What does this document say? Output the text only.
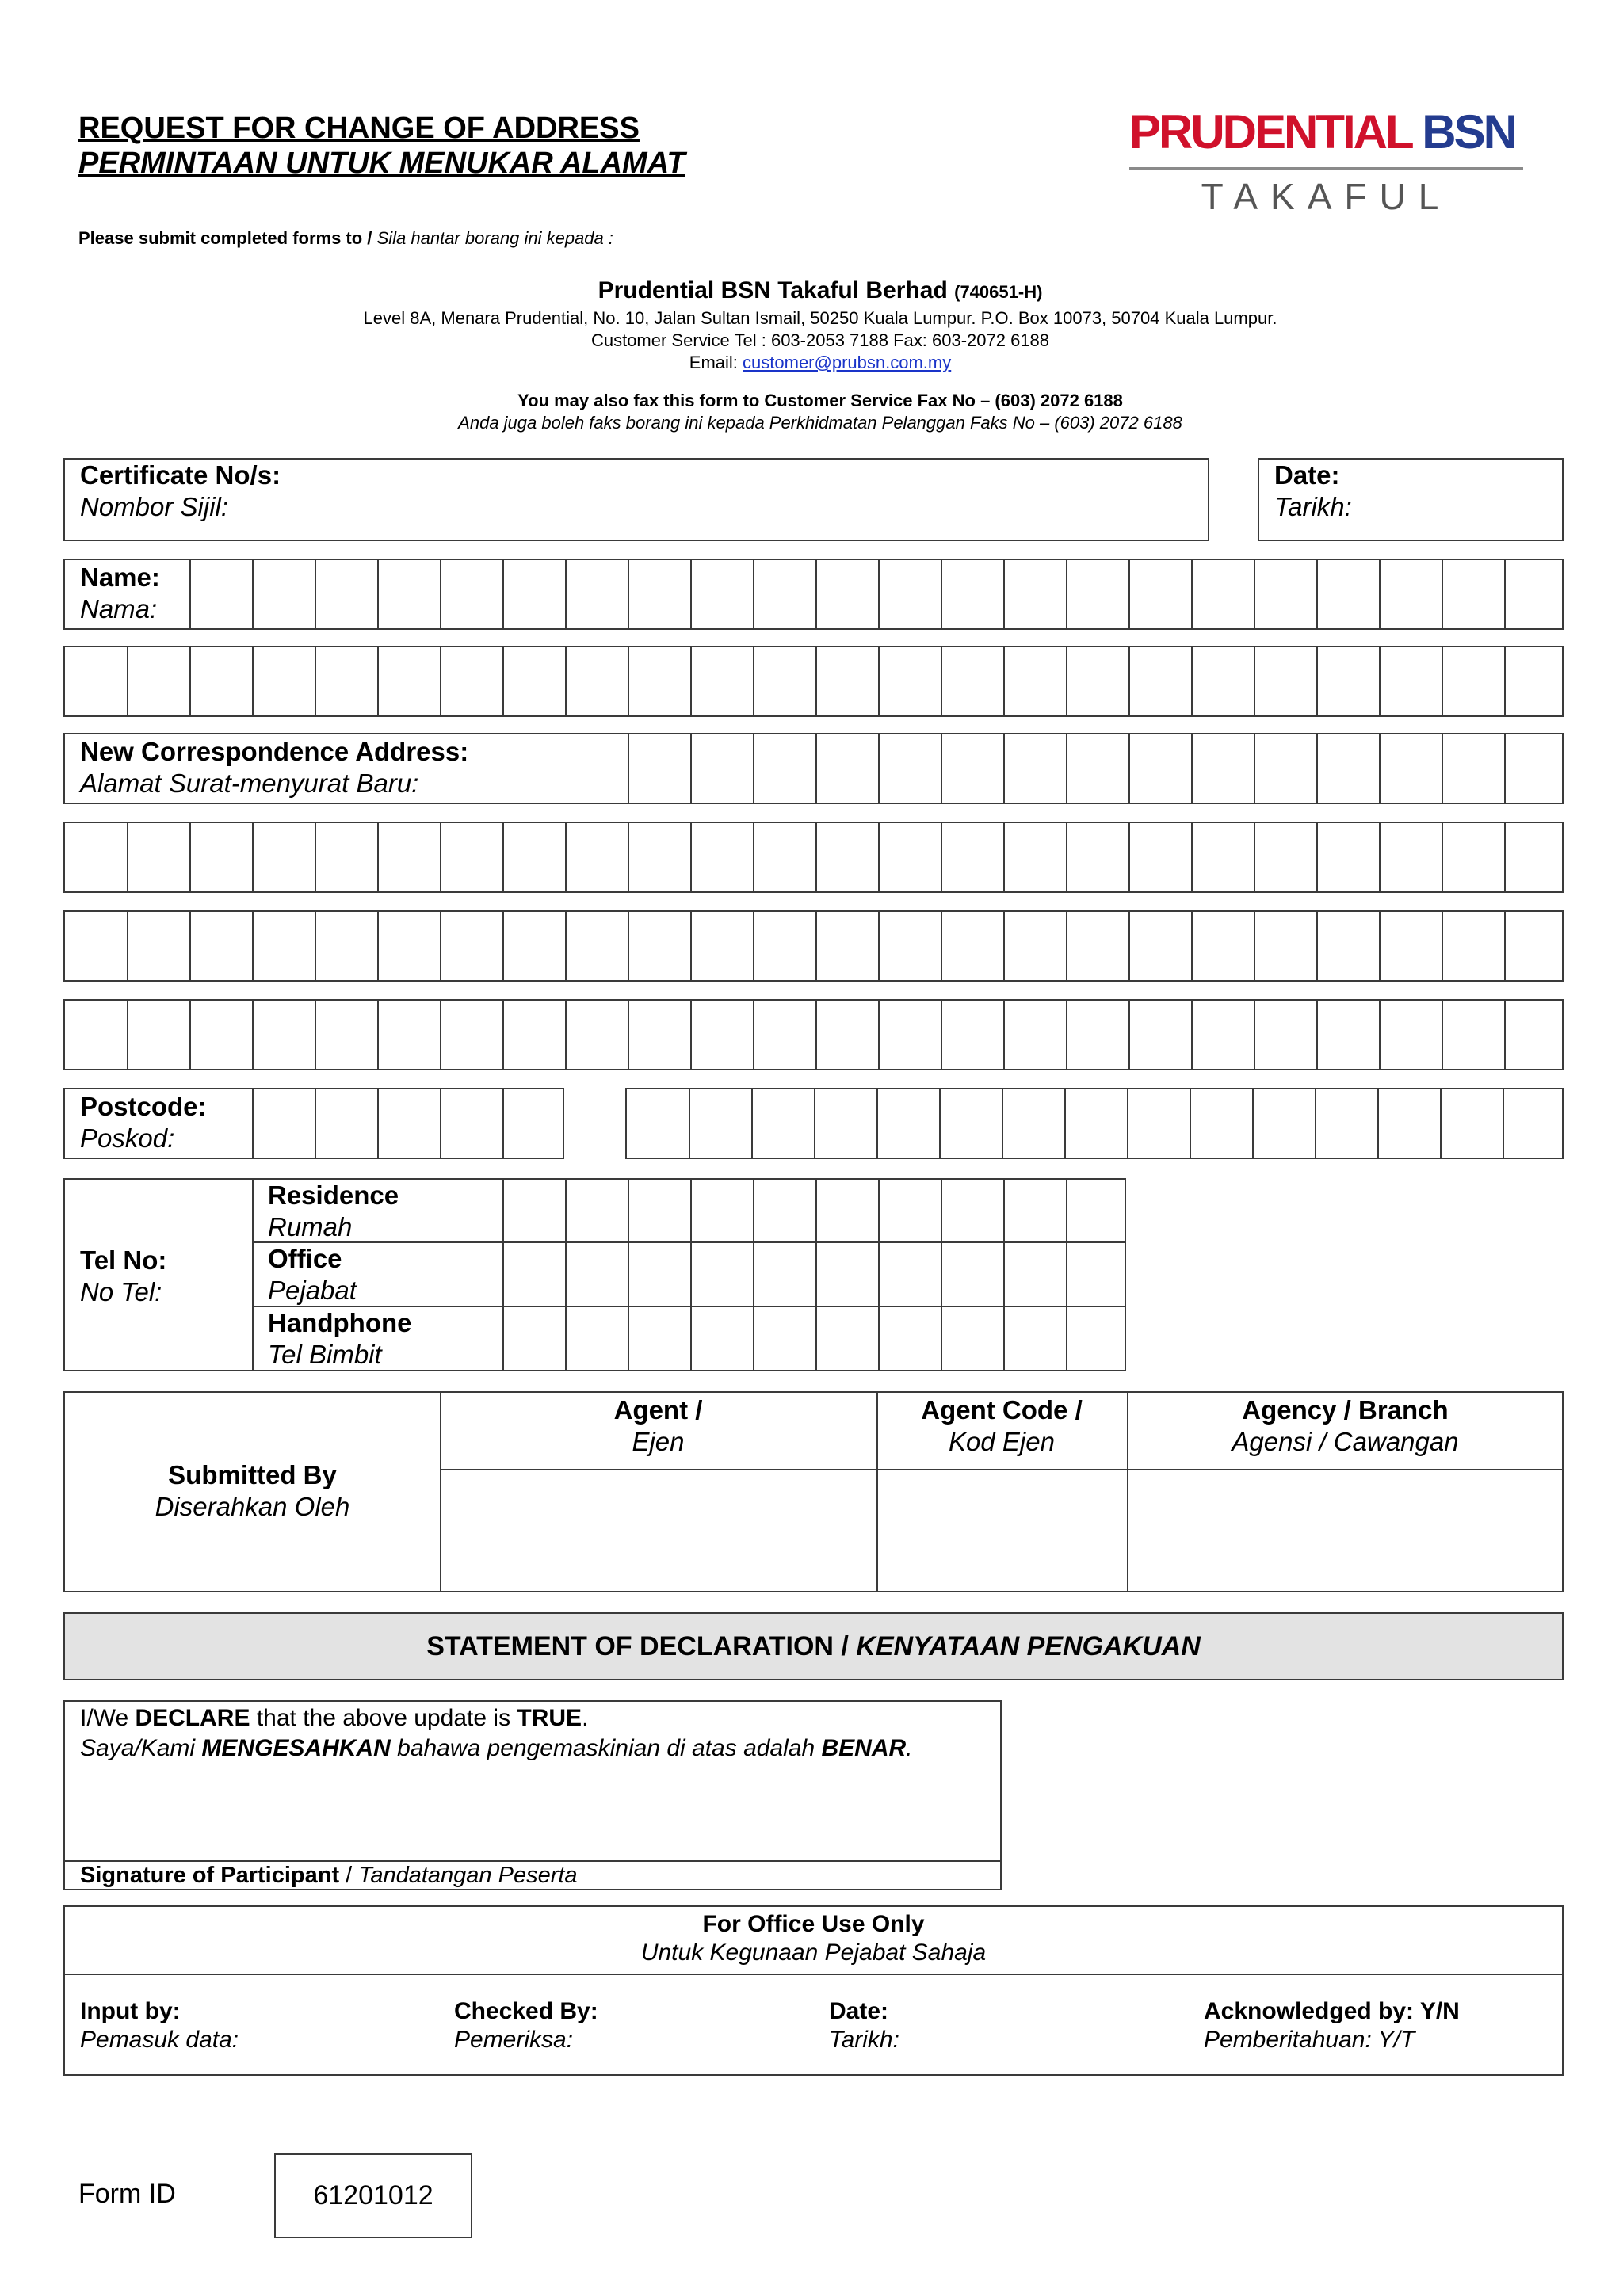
REQUEST FOR CHANGE OF ADDRESS
PERMINTAAN UNTUK MENUKAR ALAMAT
PRUDENTIAL BSN
TAKAFUL
Please submit completed forms to / Sila hantar borang ini kepada :
Prudential BSN Takaful Berhad (740651-H)
Level 8A, Menara Prudential, No. 10, Jalan Sultan Ismail, 50250 Kuala Lumpur. P.O. Box 10073, 50704 Kuala Lumpur.
Customer Service Tel : 603-2053 7188 Fax: 603-2072 6188
Email: customer@prubsn.com.my
You may also fax this form to Customer Service Fax No – (603) 2072 6188
Anda juga boleh faks borang ini kepada Perkhidmatan Pelanggan Faks No – (603) 2072 6188
Certificate No/s:
Nombor Sijil:
Date:
Tarikh:
Name:
Nama:
New Correspondence Address:
Alamat Surat-menyurat Baru:
Postcode:
Poskod:
Tel No:
No Tel:
Residence
Rumah
Office
Pejabat
Handphone
Tel Bimbit
Submitted By
Diserahkan Oleh
Agent /
Ejen
Agent Code /
Kod Ejen
Agency / Branch
Agensi / Cawangan
STATEMENT OF DECLARATION / KENYATAAN PENGAKUAN
I/We DECLARE that the above update is TRUE.
Saya/Kami MENGESAHKAN bahawa pengemaskinian di atas adalah BENAR.
Signature of Participant / Tandatangan Peserta
For Office Use Only
Untuk Kegunaan Pejabat Sahaja
Input by:
Pemasuk data:
Checked By:
Pemeriksa:
Date:
Tarikh:
Acknowledged by: Y/N
Pemberitahuan: Y/T
Form ID	61201012
